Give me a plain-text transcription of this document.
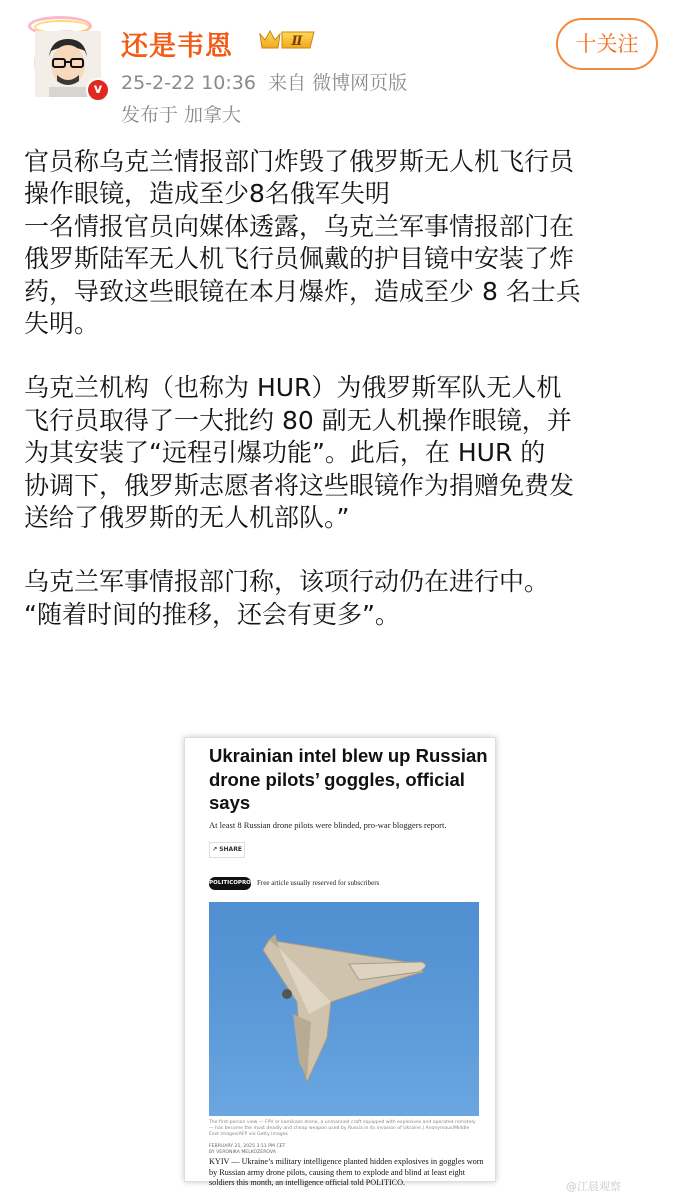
v
还是韦恩	Ⅱ
25-2-22 10:36 来自 微博网页版
发布于 加拿大
十关注

官员称乌克兰情报部门炸毁了俄罗斯无人机飞行员
操作眼镜，造成至少8名俄军失明
一名情报官员向媒体透露，乌克兰军事情报部门在
俄罗斯陆军无人机飞行员佩戴的护目镜中安装了炸
药，导致这些眼镜在本月爆炸，造成至少 8 名士兵
失明。

乌克兰机构（也称为 HUR）为俄罗斯军队无人机
飞行员取得了一大批约 80 副无人机操作眼镜，并
为其安装了“远程引爆功能”。此后，在 HUR 的
协调下，俄罗斯志愿者将这些眼镜作为捐赠免费发
送给了俄罗斯的无人机部队。”

乌克兰军事情报部门称，该项行动仍在进行中。
“随着时间的推移，还会有更多”。

Ukrainian intel blew up Russian drone pilots’ goggles, official says
At least 8 Russian drone pilots were blinded, pro-war bloggers report.
↗ SHARE
POLITICOPRO Free article usually reserved for subscribers
The first-person view — FPV or kamikaze drone, a unmanned craft equipped with explosives and operated remotely — has become the most deadly and cheap weapon used by Russia in its invasion of Ukraine.| Anonymous/Middle East Images/AFP via Getty Images
FEBRUARY 21, 2025 3:11 PM CET
BY VERONIKA MELKOZEROVA
KYIV — Ukraine’s military intelligence planted hidden explosives in goggles worn by Russian army drone pilots, causing them to explode and blind at least eight soldiers this month, an intelligence official told POLITICO.	@江晨观察
